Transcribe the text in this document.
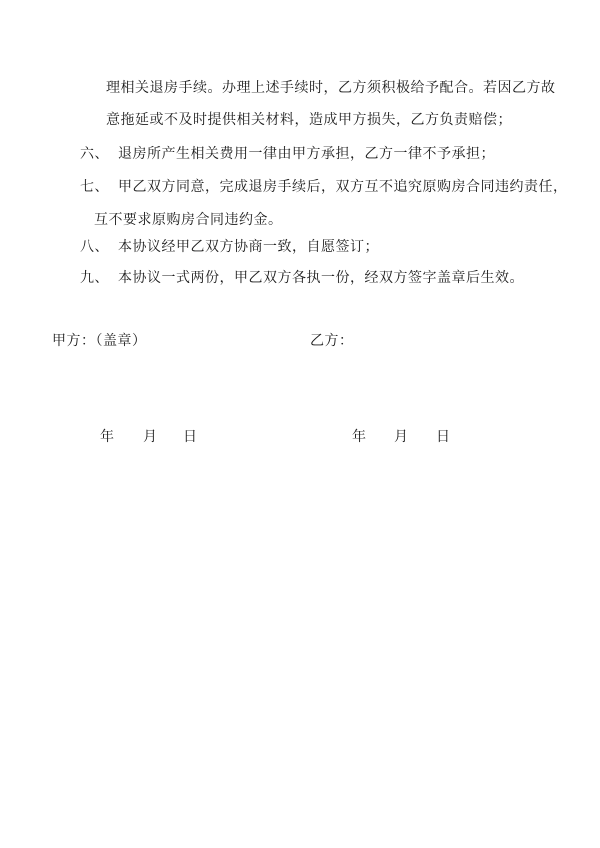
理相关退房手续。办理上述手续时，乙方须积极给予配合。若因乙方故
意拖延或不及时提供相关材料，造成甲方损失，乙方负责赔偿；
六、 退房所产生相关费用一律由甲方承担，乙方一律不予承担；
七、 甲乙双方同意，完成退房手续后，双方互不追究原购房合同违约责任，
互不要求原购房合同违约金。
八、 本协议经甲乙双方协商一致，自愿签订；
九、 本协议一式两份，甲乙双方各执一份，经双方签字盖章后生效。
甲方：（盖章）	乙方：
年 月 日	年 月 日
